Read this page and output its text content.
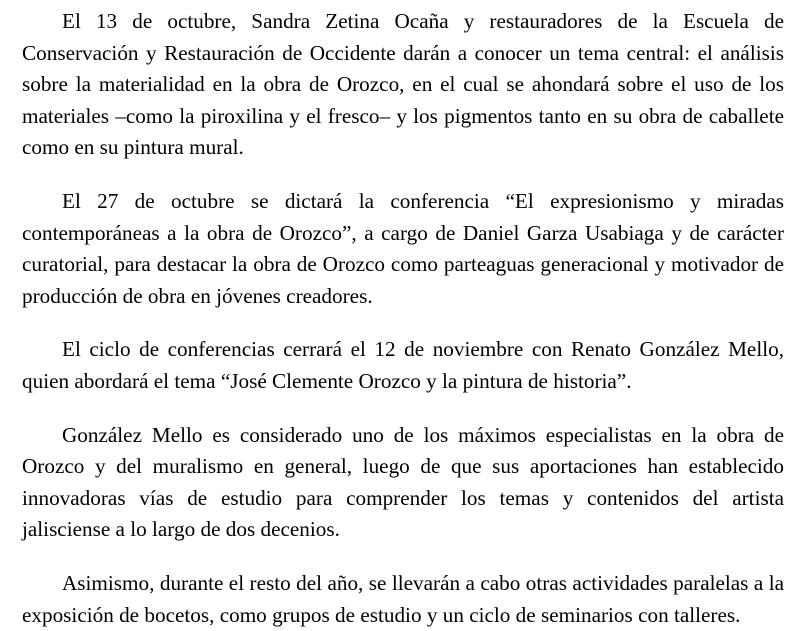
El 13 de octubre, Sandra Zetina Ocaña y restauradores de la Escuela de Conservación y Restauración de Occidente darán a conocer un tema central: el análisis sobre la materialidad en la obra de Orozco, en el cual se ahondará sobre el uso de los materiales –como la piroxilina y el fresco– y los pigmentos tanto en su obra de caballete como en su pintura mural.

El 27 de octubre se dictará la conferencia “El expresionismo y miradas contemporáneas a la obra de Orozco”, a cargo de Daniel Garza Usabiaga y de carácter curatorial, para destacar la obra de Orozco como parteaguas generacional y motivador de producción de obra en jóvenes creadores.

El ciclo de conferencias cerrará el 12 de noviembre con Renato González Mello, quien abordará el tema “José Clemente Orozco y la pintura de historia”.

González Mello es considerado uno de los máximos especialistas en la obra de Orozco y del muralismo en general, luego de que sus aportaciones han establecido innovadoras vías de estudio para comprender los temas y contenidos del artista jalisciense a lo largo de dos decenios.

Asimismo, durante el resto del año, se llevarán a cabo otras actividades paralelas a la exposición de bocetos, como grupos de estudio y un ciclo de seminarios con talleres.
